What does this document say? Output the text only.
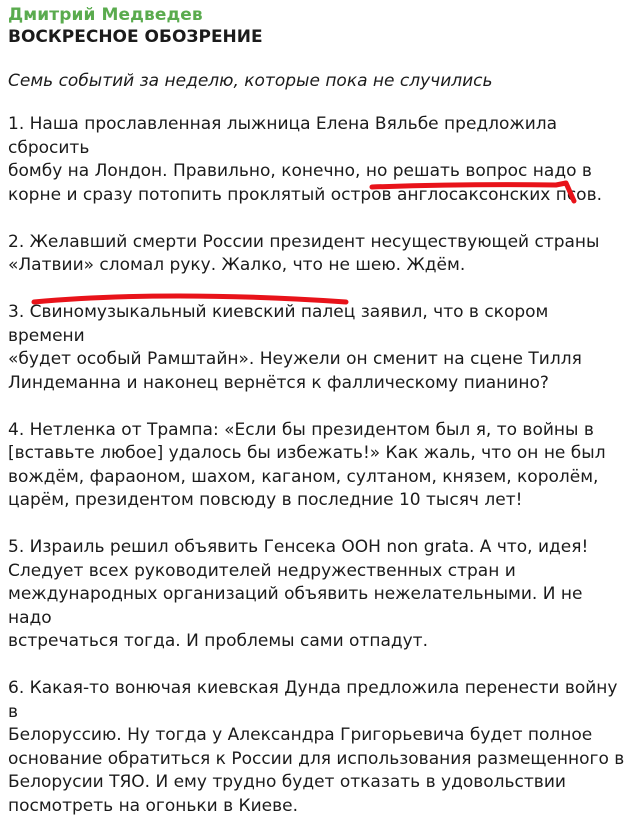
Дмитрий Медведев
ВОСКРЕСНОЕ ОБОЗРЕНИЕ
Семь событий за неделю, которые пока не случились
1. Наша прославленная лыжница Елена Вяльбе предложила сбросить
бомбу на Лондон. Правильно, конечно, но решать вопрос надо в
корне и сразу потопить проклятый остров англосаксонских псов.
2. Желавший смерти России президент несуществующей страны
«Латвии» сломал руку. Жалко, что не шею. Ждём.
3. Свиномузыкальный киевский палец заявил, что в скором времени
«будет особый Рамштайн». Неужели он сменит на сцене Тилля
Линдеманна и наконец вернётся к фаллическому пианино?
4. Нетленка от Трампа: «Если бы президентом был я, то войны в
[вставьте любое] удалось бы избежать!» Как жаль, что он не был
вождём, фараоном, шахом, каганом, султаном, князем, королём,
царём, президентом повсюду в последние 10 тысяч лет!
5. Израиль решил объявить Генсека ООН non grata. А что, идея!
Следует всех руководителей недружественных стран и
международных организаций объявить нежелательными. И не надо
встречаться тогда. И проблемы сами отпадут.
6. Какая-то вонючая киевская Дунда предложила перенести войну в
Белоруссию. Ну тогда у Александра Григорьевича будет полное
основание обратиться к России для использования размещенного в
Белорусии ТЯО. И ему трудно будет отказать в удовольствии
посмотреть на огоньки в Киеве.
